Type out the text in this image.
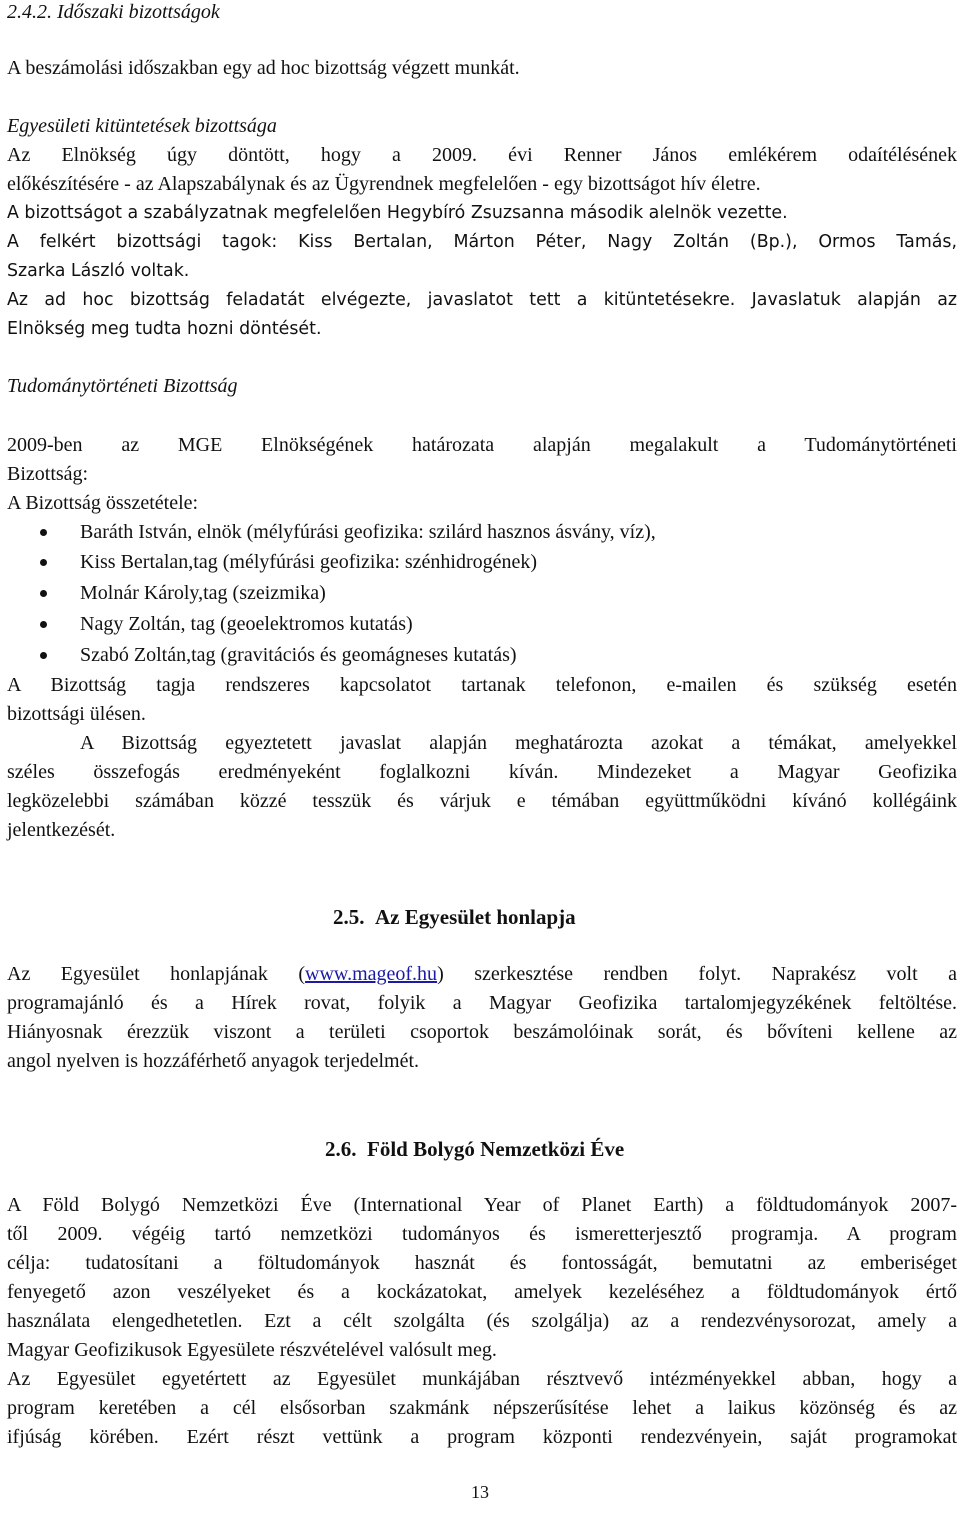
2.4.2. Időszaki bizottságok
A beszámolási időszakban egy ad hoc bizottság végzett munkát.
Egyesületi kitüntetések bizottsága
Az Elnökség úgy döntött, hogy a 2009. évi Renner János emlékérem odaítélésének
előkészítésére - az Alapszabálynak és az Ügyrendnek megfelelően - egy bizottságot hív életre.
A bizottságot a szabályzatnak megfelelően Hegybíró Zsuzsanna második alelnök vezette.
A felkért bizottsági tagok: Kiss Bertalan, Márton Péter, Nagy Zoltán (Bp.), Ormos Tamás,
Szarka László voltak.
Az ad hoc bizottság feladatát elvégezte, javaslatot tett a kitüntetésekre. Javaslatuk alapján az
Elnökség meg tudta hozni döntését.
Tudománytörténeti Bizottság
2009-ben az MGE Elnökségének határozata alapján megalakult a Tudománytörténeti
Bizottság:
A Bizottság összetétele:
Baráth István, elnök (mélyfúrási geofizika: szilárd hasznos ásvány, víz),
Kiss Bertalan,tag (mélyfúrási geofizika: szénhidrogének)
Molnár Károly,tag (szeizmika)
Nagy Zoltán, tag (geoelektromos kutatás)
Szabó Zoltán,tag (gravitációs és geomágneses kutatás)
A Bizottság tagja rendszeres kapcsolatot tartanak telefonon, e-mailen és szükség esetén
bizottsági ülésen.
A Bizottság egyeztetett javaslat alapján meghatározta azokat a témákat, amelyekkel
széles összefogás eredményeként foglalkozni kíván. Mindezeket a Magyar Geofizika
legközelebbi számában közzé tesszük és várjuk e témában együttműködni kívánó kollégáink
jelentkezését.
2.5. Az Egyesület honlapja
Az Egyesület honlapjának (www.mageof.hu) szerkesztése rendben folyt. Naprakész volt a
programajánló és a Hírek rovat, folyik a Magyar Geofizika tartalomjegyzékének feltöltése.
Hiányosnak érezzük viszont a területi csoportok beszámolóinak sorát, és bővíteni kellene az
angol nyelven is hozzáférhető anyagok terjedelmét.
2.6. Föld Bolygó Nemzetközi Éve
A Föld Bolygó Nemzetközi Éve (International Year of Planet Earth) a földtudományok 2007-
től 2009. végéig tartó nemzetközi tudományos és ismeretterjesztő programja. A program
célja: tudatosítani a föltudományok hasznát és fontosságát, bemutatni az emberiséget
fenyegető azon veszélyeket és a kockázatokat, amelyek kezeléséhez a földtudományok értő
használata elengedhetetlen. Ezt a célt szolgálta (és szolgálja) az a rendezvénysorozat, amely a
Magyar Geofizikusok Egyesülete részvételével valósult meg.
Az Egyesület egyetértett az Egyesület munkájában résztvevő intézményekkel abban, hogy a
program keretében a cél elsősorban szakmánk népszerűsítése lehet a laikus közönség és az
ifjúság körében. Ezért részt vettünk a program központi rendezvényein, saját programokat
13
